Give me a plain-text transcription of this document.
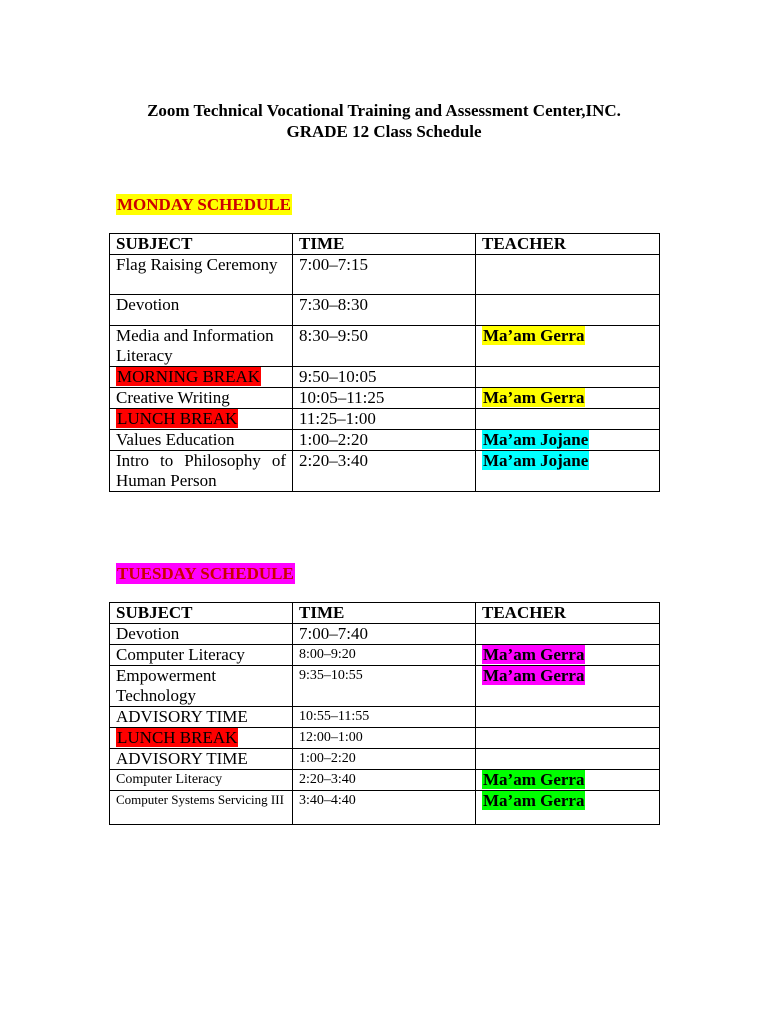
Zoom Technical Vocational Training and Assessment Center,INC.
GRADE 12 Class Schedule
MONDAY SCHEDULE
SUBJECT	TIME	TEACHER
Flag Raising Ceremony	7:00–7:15	
Devotion	7:30–8:30	
Media and Information Literacy	8:30–9:50	Ma’am Gerra
MORNING BREAK	9:50–10:05	
Creative Writing	10:05–11:25	Ma’am Gerra
LUNCH BREAK	11:25–1:00	
Values Education	1:00–2:20	Ma’am Jojane
Intro to Philosophy of Human Person	2:20–3:40	Ma’am Jojane
TUESDAY SCHEDULE
SUBJECT	TIME	TEACHER
Devotion	7:00–7:40	
Computer Literacy	8:00–9:20	Ma’am Gerra
Empowerment Technology	9:35–10:55	Ma’am Gerra
ADVISORY TIME	10:55–11:55	
LUNCH BREAK	12:00–1:00	
ADVISORY TIME	1:00–2:20	
Computer Literacy	2:20–3:40	Ma’am Gerra
Computer Systems Servicing III	3:40–4:40	Ma’am Gerra
